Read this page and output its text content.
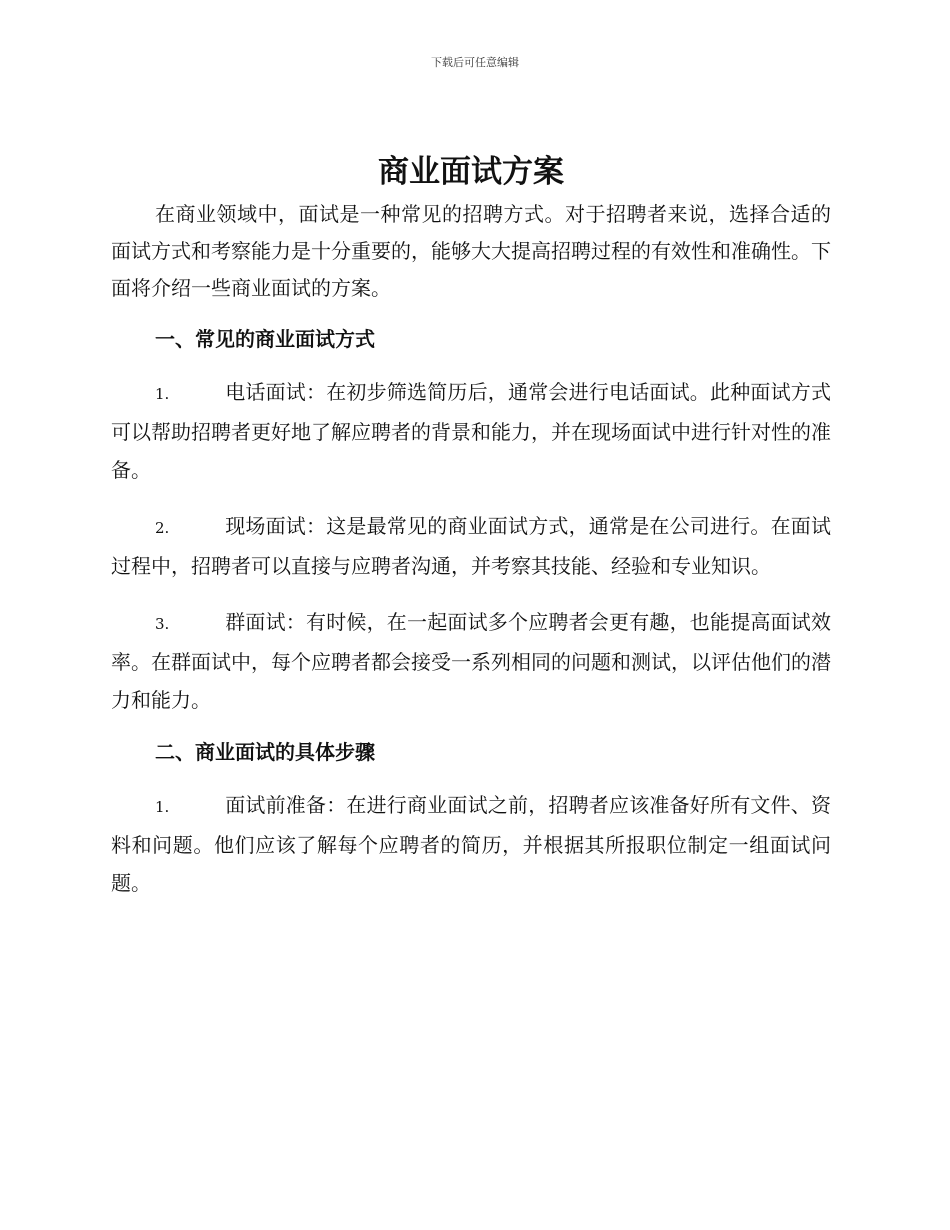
下载后可任意编辑
商业面试方案

在商业领域中，面试是一种常见的招聘方式。对于招聘者来说，选择合适的面试方式和考察能力是十分重要的，能够大大提高招聘过程的有效性和准确性。下面将介绍一些商业面试的方案。

一、常见的商业面试方式

1.	电话面试：在初步筛选简历后，通常会进行电话面试。此种面试方式可以帮助招聘者更好地了解应聘者的背景和能力，并在现场面试中进行针对性的准备。

2.	现场面试：这是最常见的商业面试方式，通常是在公司进行。在面试过程中，招聘者可以直接与应聘者沟通，并考察其技能、经验和专业知识。

3.	群面试：有时候，在一起面试多个应聘者会更有趣，也能提高面试效率。在群面试中，每个应聘者都会接受一系列相同的问题和测试，以评估他们的潜力和能力。

二、商业面试的具体步骤

1.	面试前准备：在进行商业面试之前，招聘者应该准备好所有文件、资料和问题。他们应该了解每个应聘者的简历，并根据其所报职位制定一组面试问题。
